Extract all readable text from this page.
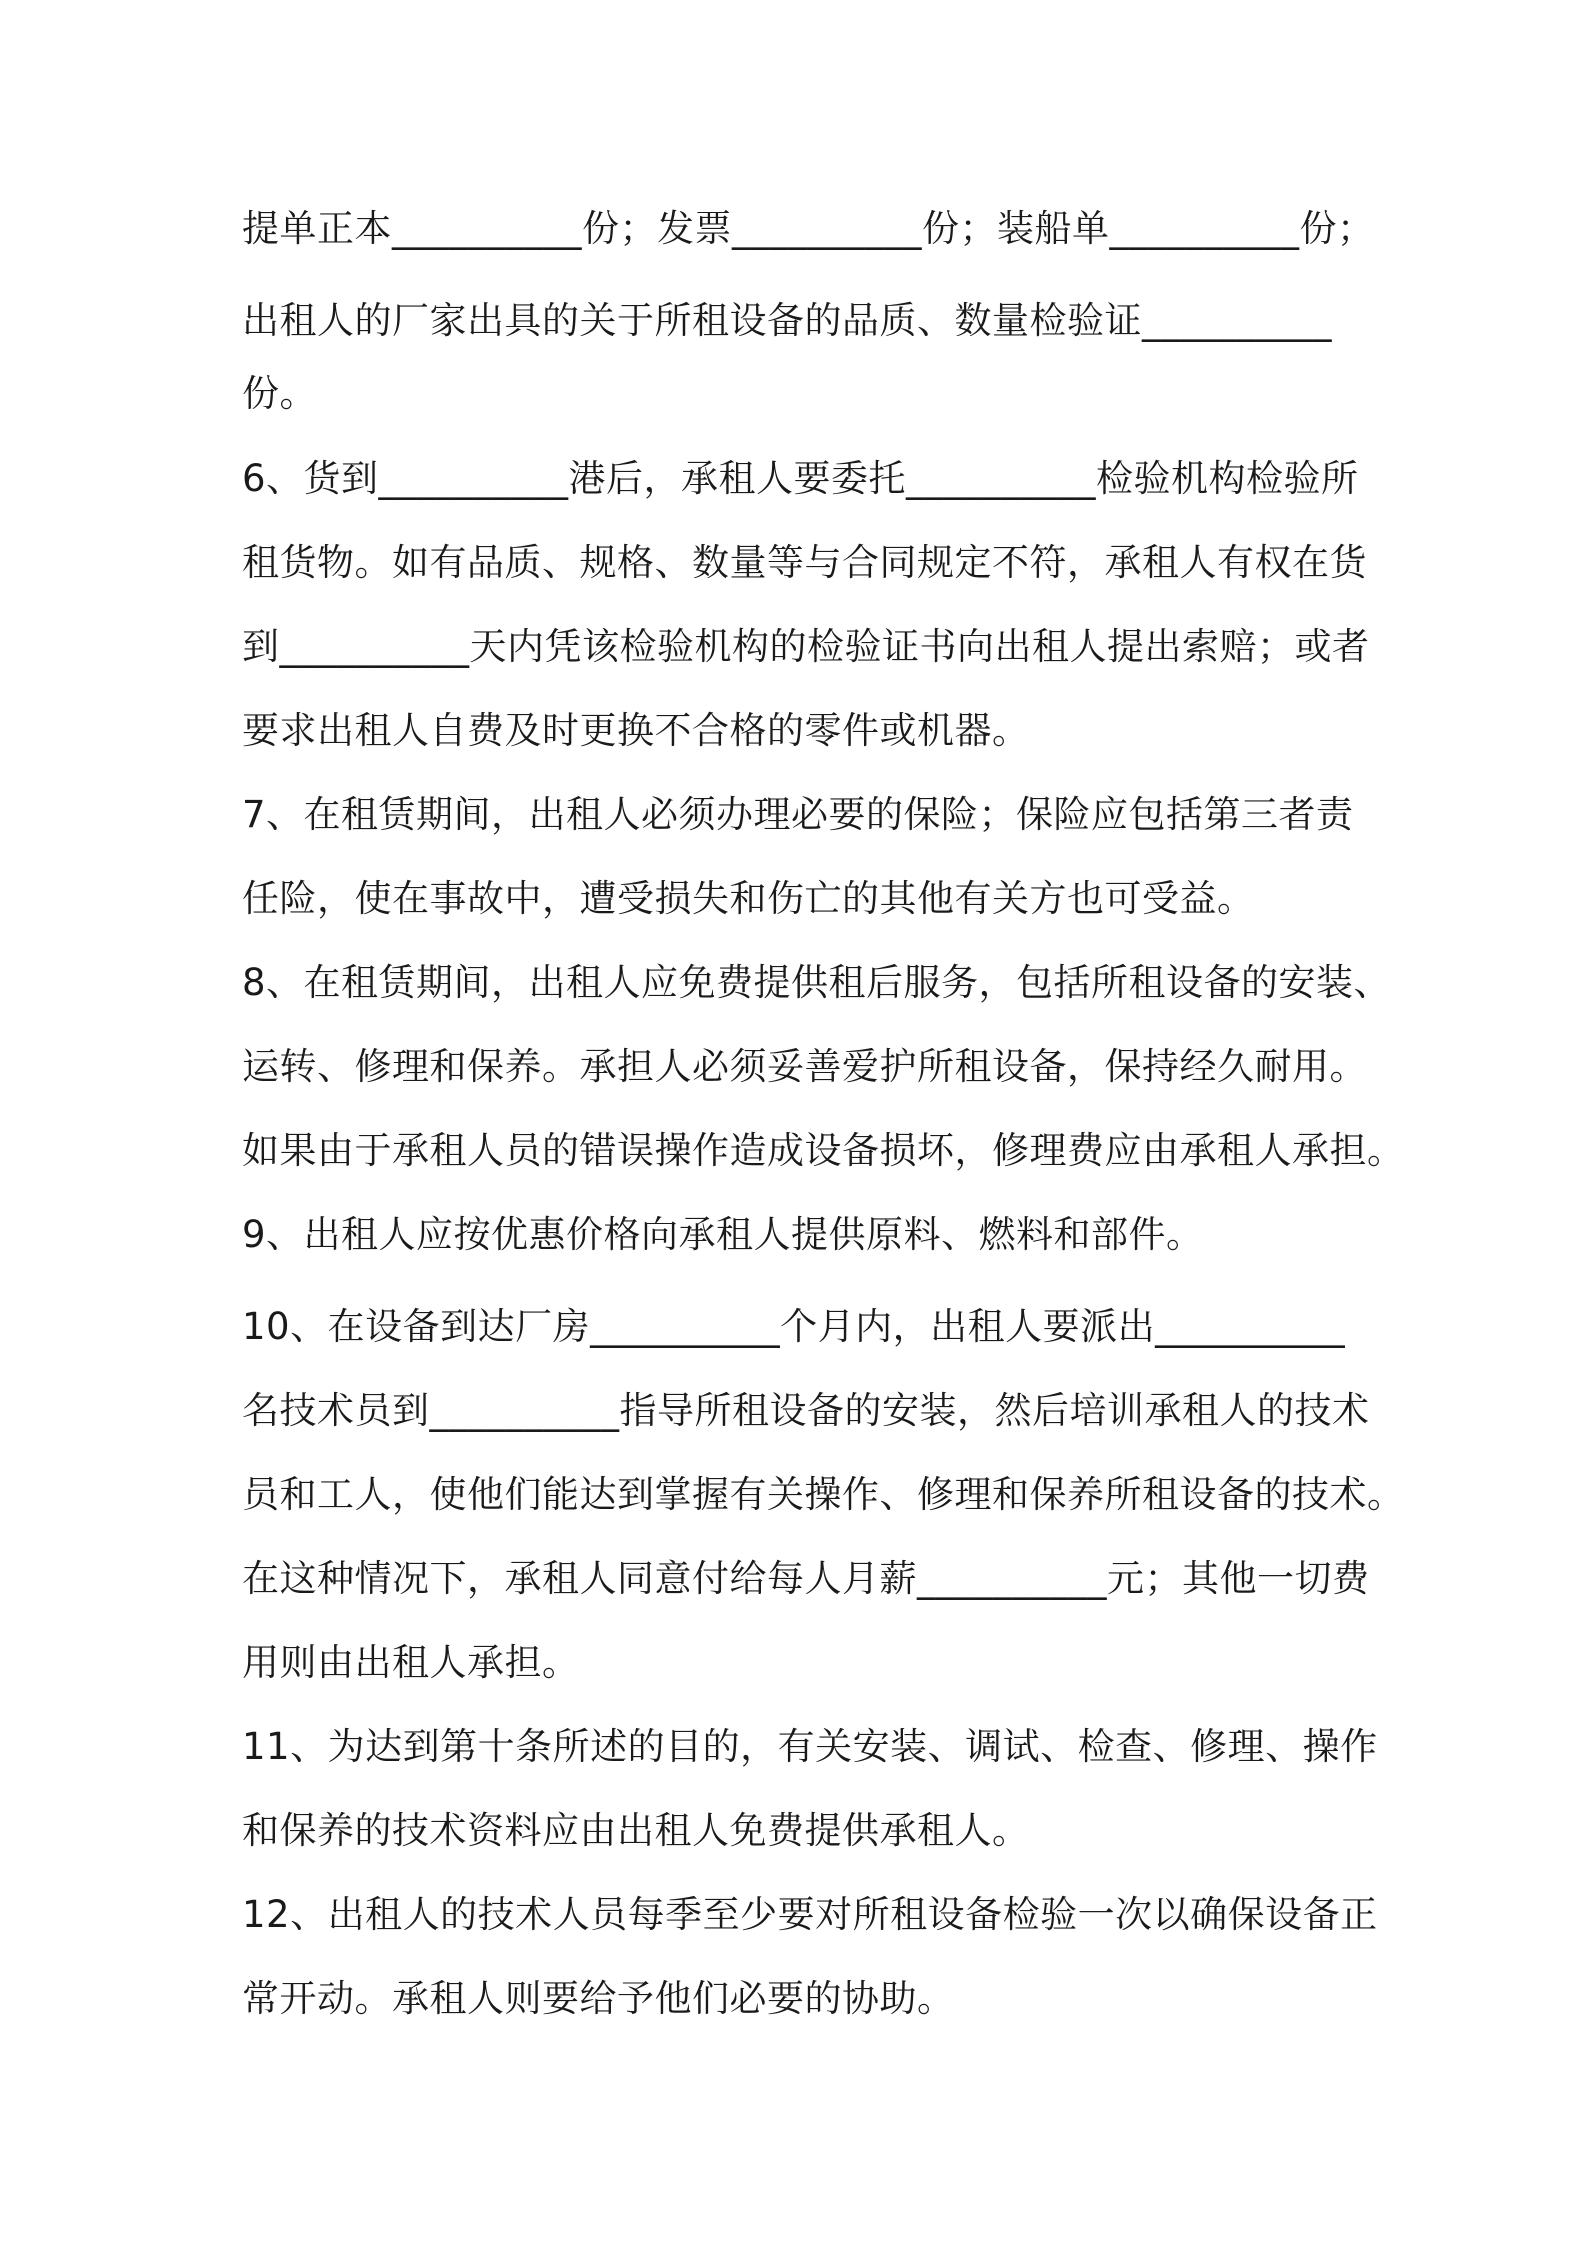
提单正本__________份；发票__________份；装船单__________份；
出租人的厂家出具的关于所租设备的品质、数量检验证__________
份。
6、货到__________港后，承租人要委托__________检验机构检验所
租货物。如有品质、规格、数量等与合同规定不符，承租人有权在货
到__________天内凭该检验机构的检验证书向出租人提出索赔；或者
要求出租人自费及时更换不合格的零件或机器。
7、在租赁期间，出租人必须办理必要的保险；保险应包括第三者责
任险，使在事故中，遭受损失和伤亡的其他有关方也可受益。
8、在租赁期间，出租人应免费提供租后服务，包括所租设备的安装、
运转、修理和保养。承担人必须妥善爱护所租设备，保持经久耐用。
如果由于承租人员的错误操作造成设备损坏，修理费应由承租人承担。
9、出租人应按优惠价格向承租人提供原料、燃料和部件。
10、在设备到达厂房__________个月内，出租人要派出__________
名技术员到__________指导所租设备的安装，然后培训承租人的技术
员和工人，使他们能达到掌握有关操作、修理和保养所租设备的技术。
在这种情况下，承租人同意付给每人月薪__________元；其他一切费
用则由出租人承担。
11、为达到第十条所述的目的，有关安装、调试、检查、修理、操作
和保养的技术资料应由出租人免费提供承租人。
12、出租人的技术人员每季至少要对所租设备检验一次以确保设备正
常开动。承租人则要给予他们必要的协助。
